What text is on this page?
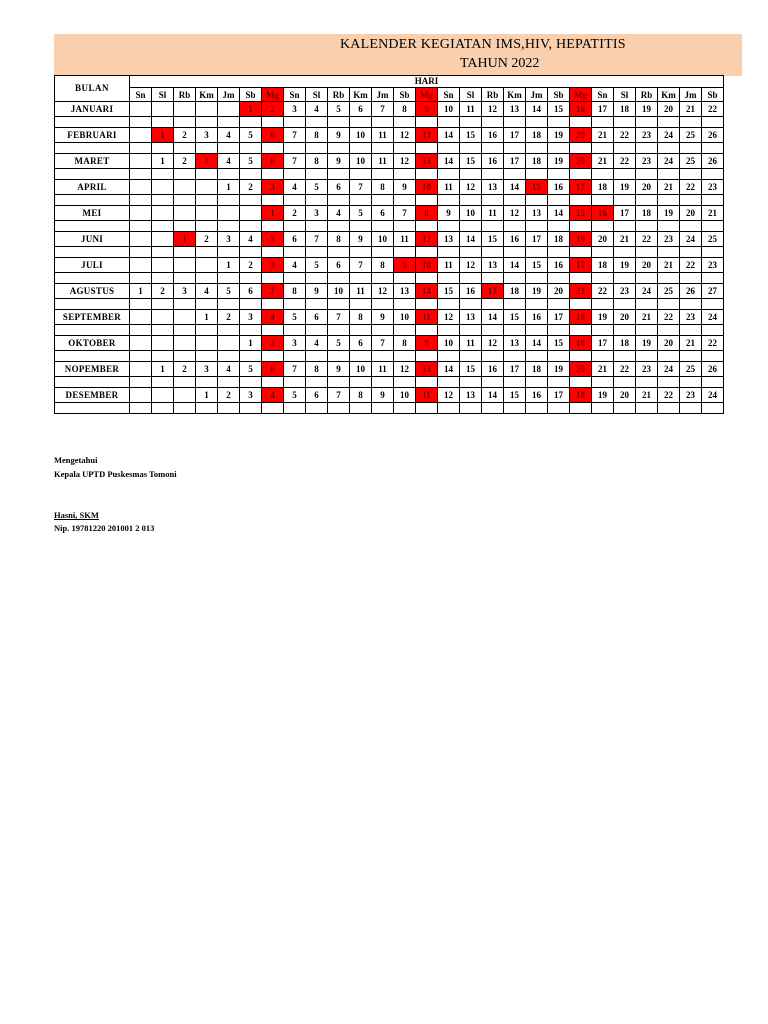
KALENDER KEGIATAN IMS,HIV, HEPATITIS
TAHUN 2022
BULAN	HARI																										
	Sn	Sl	Rb	Km	Jm	Sb	Mg	Sn	Sl	Rb	Km	Jm	Sb	Mg	Sn	Sl	Rb	Km	Jm	Sb	Mg	Sn	Sl	Rb	Km	Jm	Sb
JANUARI						1	2	3	4	5	6	7	8	9	10	11	12	13	14	15	16	17	18	19	20	21	22

FEBRUARI		1	2	3	4	5	6	7	8	9	10	11	12	13	14	15	16	17	18	19	20	21	22	23	24	25	26

MARET		1	2	3	4	5	6	7	8	9	10	11	12	13	14	15	16	17	18	19	20	21	22	23	24	25	26

APRIL					1	2	3	4	5	6	7	8	9	10	11	12	13	14	15	16	17	18	19	20	21	22	23

MEI							1	2	3	4	5	6	7	8	9	10	11	12	13	14	15	16	17	18	19	20	21

JUNI			1	2	3	4	5	6	7	8	9	10	11	12	13	14	15	16	17	18	19	20	21	22	23	24	25

JULI					1	2	3	4	5	6	7	8	9	10	11	12	13	14	15	16	17	18	19	20	21	22	23

AGUSTUS	1	2	3	4	5	6	7	8	9	10	11	12	13	14	15	16	17	18	19	20	21	22	23	24	25	26	27

SEPTEMBER				1	2	3	4	5	6	7	8	9	10	11	12	13	14	15	16	17	18	19	20	21	22	23	24

OKTOBER						1	2	3	4	5	6	7	8	9	10	11	12	13	14	15	16	17	18	19	20	21	22

NOPEMBER		1	2	3	4	5	6	7	8	9	10	11	12	13	14	15	16	17	18	19	20	21	22	23	24	25	26

DESEMBER				1	2	3	4	5	6	7	8	9	10	11	12	13	14	15	16	17	18	19	20	21	22	23	24

Mengetahui
Kepala UPTD Puskesmas Tomoni
Hasni, SKM
Nip. 19781220 201001 2 013
